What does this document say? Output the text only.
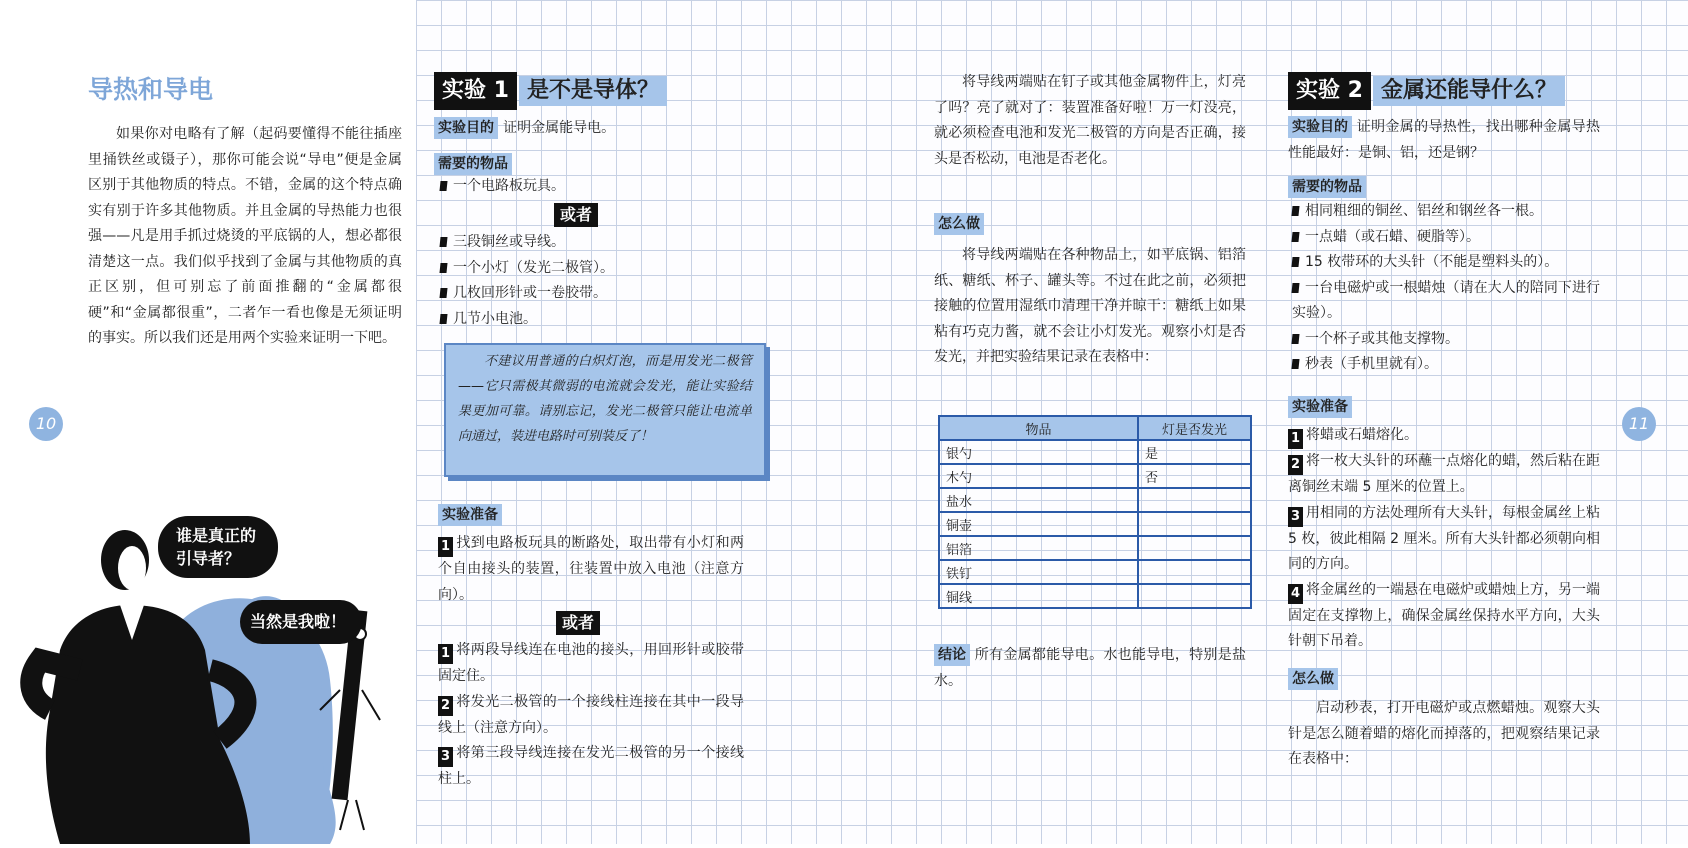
导热和导电

如果你对电略有了解（起码要懂得不能往插座里捅铁丝或镊子），那你可能会说“导电”便是金属区别于其他物质的特点。不错，金属的这个特点确实有别于许多其他物质。并且金属的导热能力也很强——凡是用手抓过烧烫的平底锅的人，想必都很清楚这一点。我们似乎找到了金属与其他物质的真正区别，但可别忘了前面推翻的“金属都很硬”和“金属都很重”，二者乍一看也像是无须证明的事实。所以我们还是用两个实验来证明一下吧。

10
谁是真正的引导者？
当然是我啦！
实验 1 是不是导体？
实验目的 证明金属能导电。
需要的物品
一个电路板玩具。
或者
三段铜丝或导线。
一个小灯（发光二极管）。
几枚回形针或一卷胶带。
几节小电池。

不建议用普通的白炽灯泡，而是用发光二极管——它只需极其微弱的电流就会发光，能让实验结果更加可靠。请别忘记，发光二极管只能让电流单向通过，装进电路时可别装反了！

实验准备

1 找到电路板玩具的断路处，取出带有小灯和两个自由接头的装置，往装置中放入电池（注意方向）。

或者

1 将两段导线连在电池的接头，用回形针或胶带固定住。

2 将发光二极管的一个接线柱连接在其中一段导线上（注意方向）。

3 将第三段导线连接在发光二极管的另一个接线柱上。

将导线两端贴在钉子或其他金属物件上，灯亮了吗？亮了就对了：装置准备好啦！万一灯没亮，就必须检查电池和发光二极管的方向是否正确，接头是否松动，电池是否老化。

怎么做

将导线两端贴在各种物品上，如平底锅、铝箔纸、糖纸、杯子、罐头等。不过在此之前，必须把接触的位置用湿纸巾清理干净并晾干：糖纸上如果粘有巧克力酱，就不会让小灯发光。观察小灯是否发光，并把实验结果记录在表格中：

物品	灯是否发光
银勺	是
木勺	否
盐水	
铜壶	
铝箔	
铁钉	
铜线	

结论 所有金属都能导电。水也能导电，特别是盐水。

实验 2 金属还能导什么？

实验目的 证明金属的导热性，找出哪种金属导热性能最好：是铜、铝，还是钢？

需要的物品
相同粗细的铜丝、铝丝和钢丝各一根。
一点蜡（或石蜡、硬脂等）。
15 枚带环的大头针（不能是塑料头的）。
一台电磁炉或一根蜡烛（请在大人的陪同下进行实验）。
一个杯子或其他支撑物。
秒表（手机里就有）。
实验准备

1 将蜡或石蜡熔化。

2 将一枚大头针的环蘸一点熔化的蜡，然后粘在距离铜丝末端 5 厘米的位置上。

3 用相同的方法处理所有大头针，每根金属丝上粘 5 枚，彼此相隔 2 厘米。所有大头针都必须朝向相同的方向。

4 将金属丝的一端悬在电磁炉或蜡烛上方，另一端固定在支撑物上，确保金属丝保持水平方向，大头针朝下吊着。

怎么做

启动秒表，打开电磁炉或点燃蜡烛。观察大头针是怎么随着蜡的熔化而掉落的，把观察结果记录在表格中：

11
